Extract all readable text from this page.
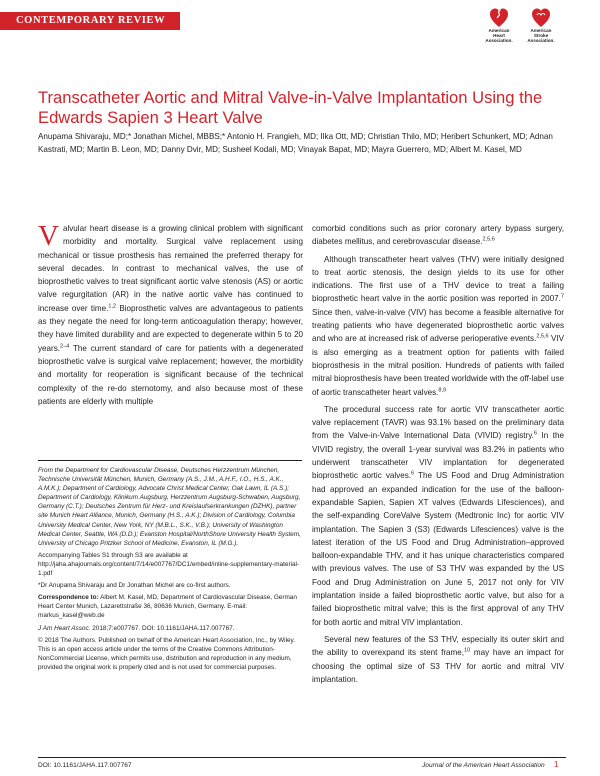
CONTEMPORARY REVIEW
American
Heart
Association.
American
Stroke
Association.
Transcatheter Aortic and Mitral Valve-in-Valve Implantation Using the Edwards Sapien 3 Heart Valve
Anupama Shivaraju, MD;* Jonathan Michel, MBBS;* Antonio H. Frangieh, MD; Ilka Ott, MD; Christian Thilo, MD; Heribert Schunkert, MD; Adnan Kastrati, MD; Martin B. Leon, MD; Danny Dvir, MD; Susheel Kodali, MD; Vinayak Bapat, MD; Mayra Guerrero, MD; Albert M. Kasel, MD

Valvular heart disease is a growing clinical problem with significant morbidity and mortality. Surgical valve replacement using mechanical or tissue prosthesis has remained the preferred therapy for several decades. In contrast to mechanical valves, the use of bioprosthetic valves to treat significant aortic valve stenosis (AS) or aortic valve regurgitation (AR) in the native aortic valve has continued to increase over time.$^{1,2}$ Bioprosthetic valves are advantageous to patients as they negate the need for long-term anticoagulation therapy; however, they have limited durability and are expected to degenerate within 5 to 20 years.$^{2-4}$ The current standard of care for patients with a degenerated bioprosthetic valve is surgical valve replacement; however, the morbidity and mortality for reoperation is significant because of the technical complexity of the re-do sternotomy, and also because most of these patients are elderly with multiple

From the Department for Cardiovascular Disease, Deutsches Herzzentrum München, Technische Universität München, Munich, Germany (A.S., J.M., A.H.F., I.O., H.S., A.K., A.M.K.); Department of Cardiology, Advocate Christ Medical Center, Oak Lawn, IL (A.S.); Department of Cardiology, Klinikum Augsburg, Herzzentrum Augsburg-Schwaben, Augsburg, Germany (C.T.); Deutsches Zentrum für Herz- und Kreislaufserkrankungen (DZHK), partner site Munich Heart Alliance, Munich, Germany (H.S., A.K.); Division of Cardiology, Columbia University Medical Center, New York, NY (M.B.L., S.K., V.B.); University of Washington Medical Center, Seattle, WA (D.D.); Evanston Hospital/NorthShore University Health System, University of Chicago Pritzker School of Medicine, Evanston, IL (M.G.).

Accompanying Tables S1 through S3 are available at http://jaha.ahajournals.org/content/7/14/e007767/DC1/embed/inline-supplementary-material-1.pdf

*Dr Anupama Shivaraju and Dr Jonathan Michel are co-first authors.

Correspondence to: Albert M. Kasel, MD, Department of Cardiovascular Disease, German Heart Center Munich, Lazarettstraße 36, 80636 Munich, Germany. E-mail: markus_kasel@web.de

J Am Heart Assoc. 2018;7:e007767. DOI: 10.1161/JAHA.117.007767.

© 2018 The Authors. Published on behalf of the American Heart Association, Inc., by Wiley. This is an open access article under the terms of the Creative Commons Attribution-NonCommercial License, which permits use, distribution and reproduction in any medium, provided the original work is properly cited and is not used for commercial purposes.

comorbid conditions such as prior coronary artery bypass surgery, diabetes mellitus, and cerebrovascular disease.$^{2,5,6}$

Although transcatheter heart valves (THV) were initially designed to treat aortic stenosis, the design yields to its use for other indications. The first use of a THV device to treat a failing bioprosthetic heart valve in the aortic position was reported in 2007.$^7$ Since then, valve-in-valve (VIV) has become a feasible alternative for treating patients who have degenerated bioprosthetic aortic valves and who are at increased risk of adverse perioperative events.$^{2,5,6}$ VIV is also emerging as a treatment option for patients with failed bioprosthesis in the mitral position. Hundreds of patients with failed mitral bioprosthesis have been treated worldwide with the off-label use of aortic transcatheter heart valves.$^{8,9}$

The procedural success rate for aortic VIV transcatheter aortic valve replacement (TAVR) was 93.1% based on the preliminary data from the Valve-in-Valve International Data (VIVID) registry.$^6$ In the VIVID registry, the overall 1-year survival was 83.2% in patients who underwent transcatheter VIV implantation for degenerated bioprosthetic aortic valves.$^6$ The US Food and Drug Administration had approved an expanded indication for the use of the balloon-expandable Sapien, Sapien XT valves (Edwards Lifesciences), and the self-expanding CoreValve System (Medtronic Inc) for aortic VIV implantation. The Sapien 3 (S3) (Edwards Lifesciences) valve is the latest iteration of the US Food and Drug Administration–approved balloon-expandable THV, and it has unique characteristics compared with previous valves. The use of S3 THV was expanded by the US Food and Drug Administration on June 5, 2017 not only for VIV implantation inside a failed bioprosthetic aortic valve, but also for a failed bioprosthetic mitral valve; this is the first approval of any THV for both aortic and mitral VIV implantation.

Several new features of the S3 THV, especially its outer skirt and the ability to overexpand its stent frame,$^{10}$ may have an impact for choosing the optimal size of S3 THV for aortic and mitral VIV implantation.

DOI: 10.1161/JAHA.117.007767	Journal of the American Heart Association 1
